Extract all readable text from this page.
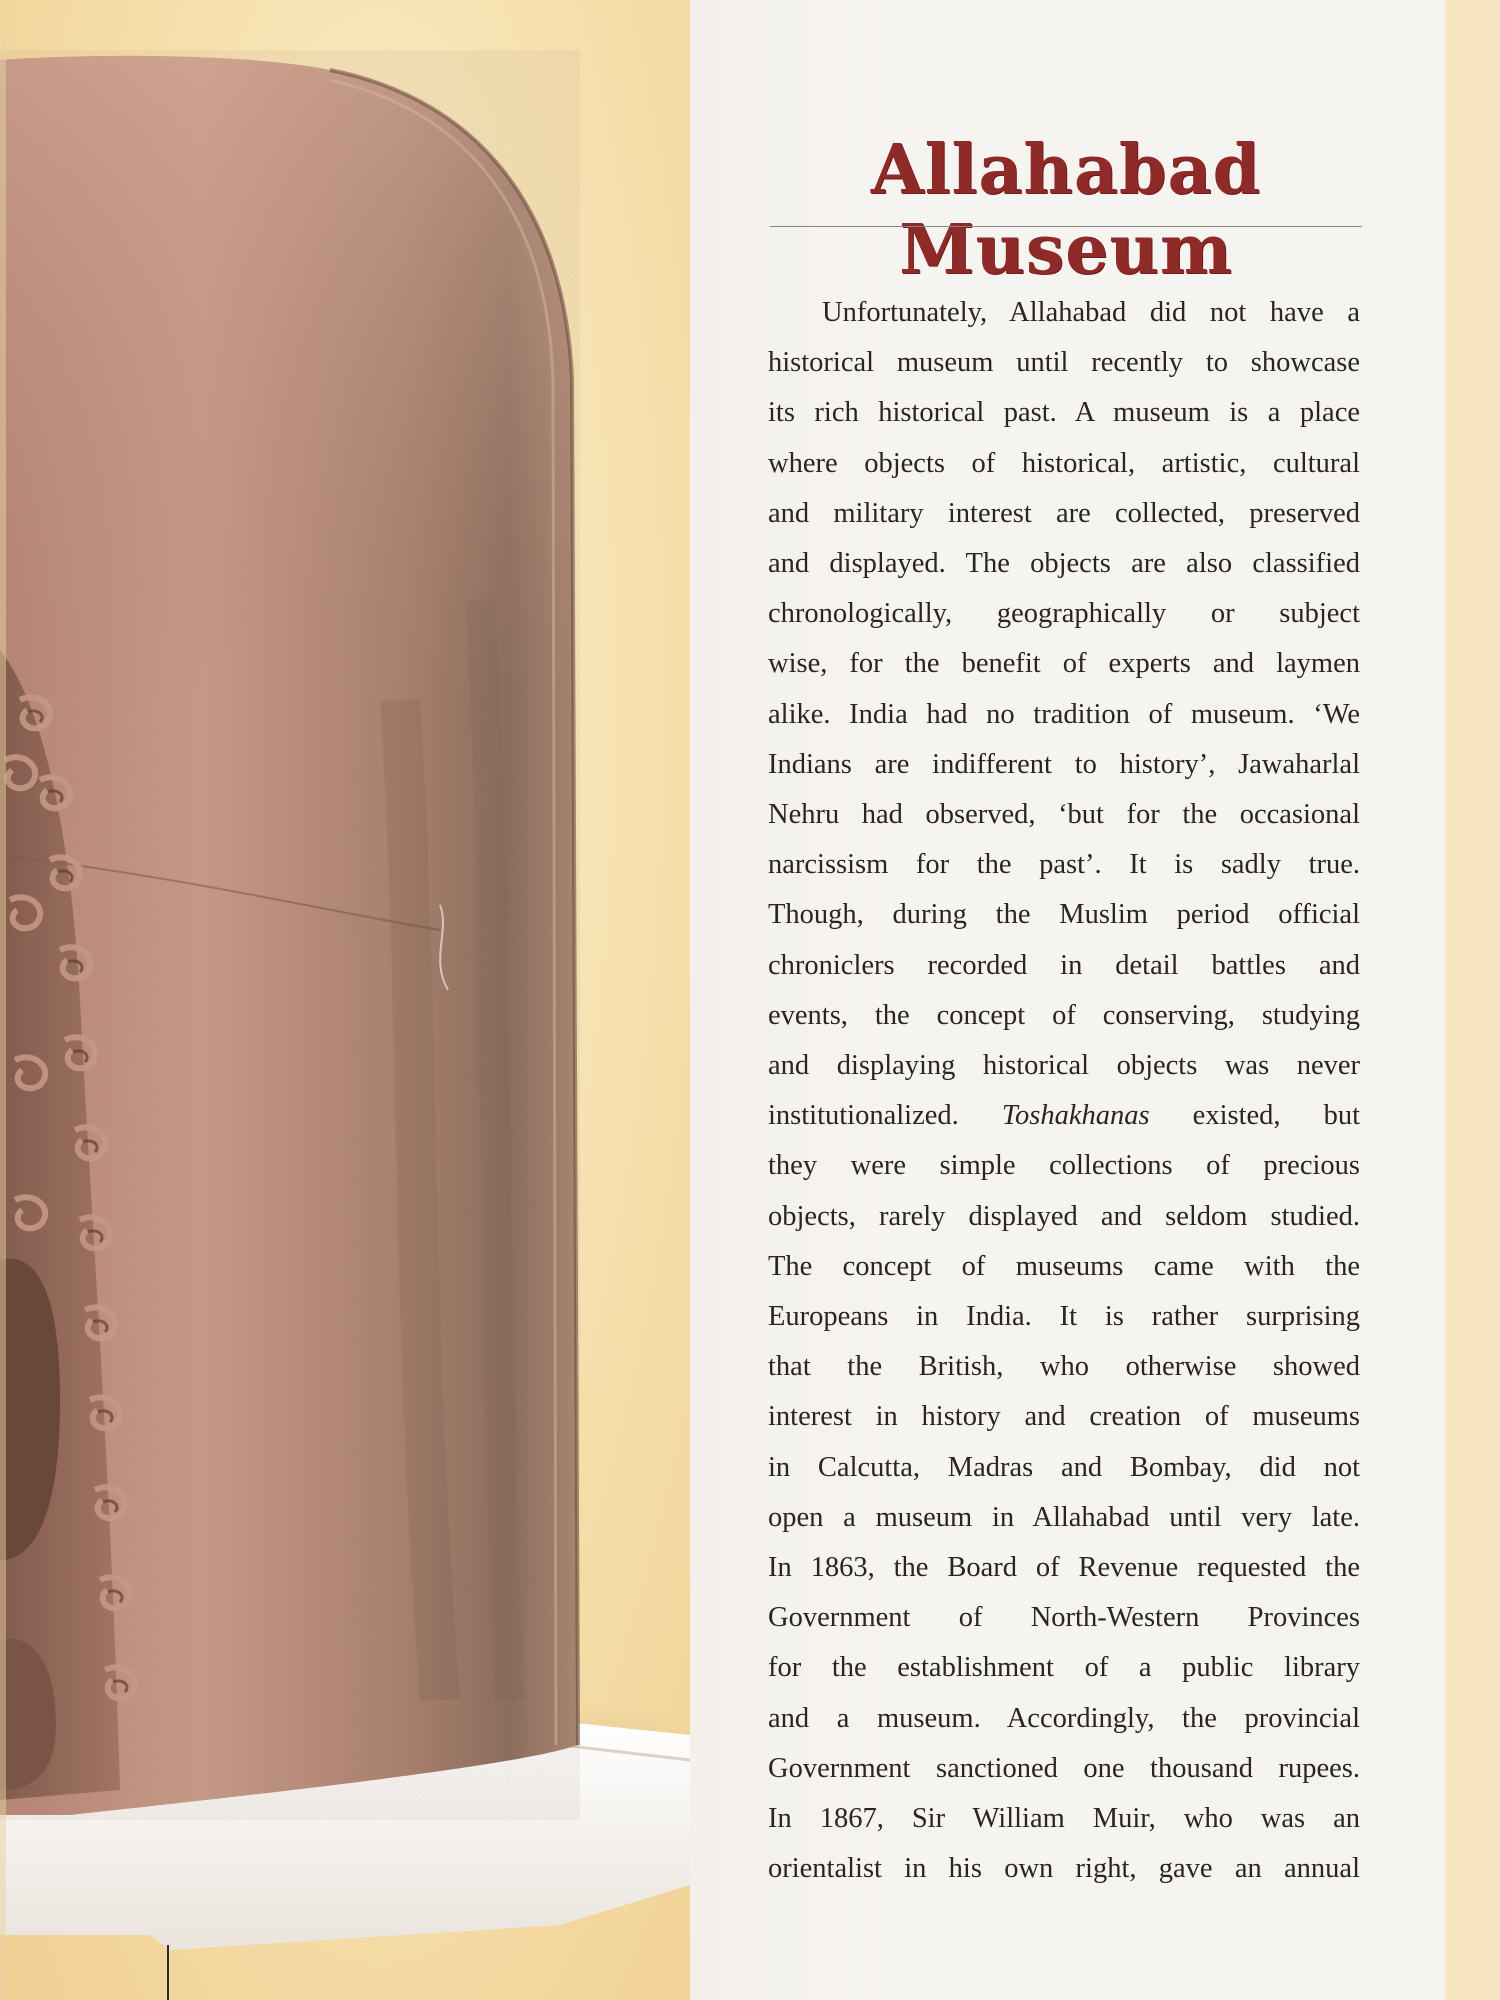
Allahabad Museum
Unfortunately, Allahabad did not have a
historical museum until recently to showcase
its rich historical past. A museum is a place
where objects of historical, artistic, cultural
and military interest are collected, preserved
and displayed. The objects are also classified
chronologically, geographically or subject
wise, for the benefit of experts and laymen
alike. India had no tradition of museum. ‘We
Indians are indifferent to history’, Jawaharlal
Nehru had observed, ‘but for the occasional
narcissism for the past’. It is sadly true.
Though, during the Muslim period official
chroniclers recorded in detail battles and
events, the concept of conserving, studying
and displaying historical objects was never
institutionalized. Toshakhanas existed, but
they were simple collections of precious
objects, rarely displayed and seldom studied.
The concept of museums came with the
Europeans in India. It is rather surprising
that the British, who otherwise showed
interest in history and creation of museums
in Calcutta, Madras and Bombay, did not
open a museum in Allahabad until very late.
In 1863, the Board of Revenue requested the
Government of North-Western Provinces
for the establishment of a public library
and a museum. Accordingly, the provincial
Government sanctioned one thousand rupees.
In 1867, Sir William Muir, who was an
orientalist in his own right, gave an annual
